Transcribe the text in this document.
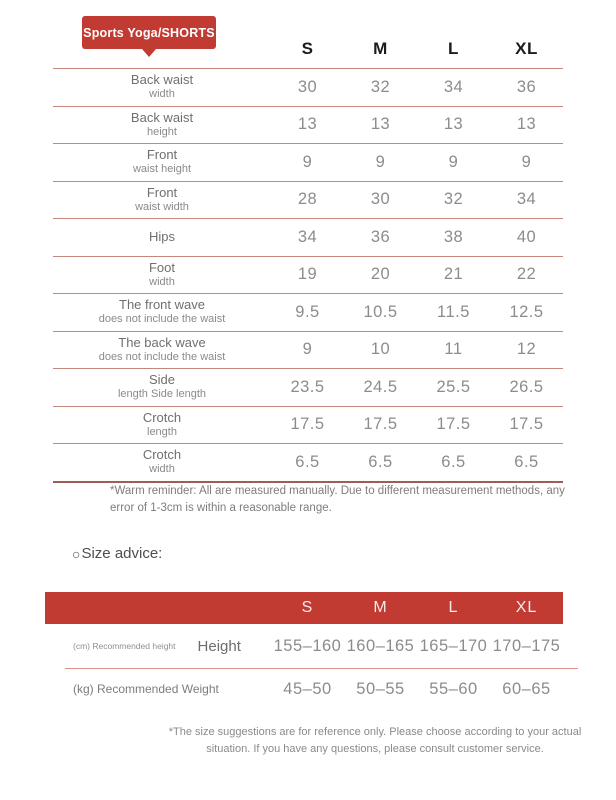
Sports Yoga/SHORTS
S	M	L	XL
Back waist
width	30	32	34	36
Back waist
height	13	13	13	13
Front
waist height	9	9	9	9
Front
waist width	28	30	32	34
Hips	34	36	38	40
Foot
width	19	20	21	22
The front wave
does not include the waist	9.5	10.5	11.5	12.5
The back wave
does not include the waist	9	10	11	12
Side
length Side length	23.5	24.5	25.5	26.5
Crotch
length	17.5	17.5	17.5	17.5
Crotch
width	6.5	6.5	6.5	6.5
*Warm reminder: All are measured manually. Due to different measurement methods, any error of 1-3cm is within a reasonable range.
○ Size advice:
S	M	L	XL
(cm) Recommended height Height 155–160 160–165 165–170 170–175
(kg) Recommended Weight	45–50	50–55	55–60	60–65
*The size suggestions are for reference only. Please choose according to your actual situation. If you have any questions, please consult customer service.
